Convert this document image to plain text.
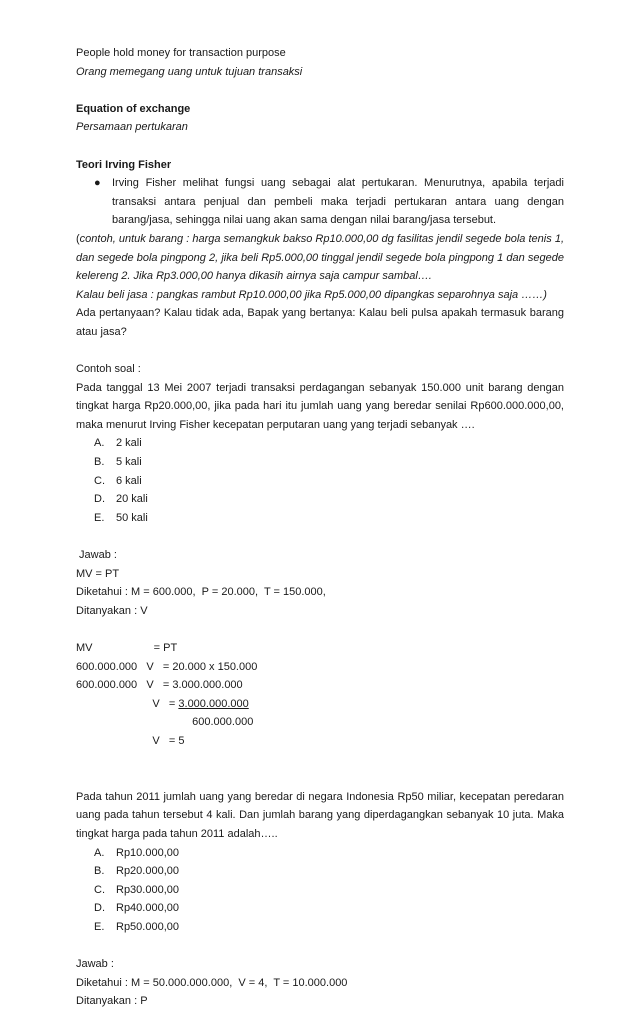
People hold money for transaction purpose
Orang memegang uang untuk tujuan transaksi
Equation of exchange
Persamaan pertukaran
Teori Irving Fisher
●	Irving Fisher melihat fungsi uang sebagai alat pertukaran. Menurutnya, apabila terjadi transaksi antara penjual dan pembeli maka terjadi pertukaran antara uang dengan barang/jasa, sehingga nilai uang akan sama dengan nilai barang/jasa tersebut.
(contoh, untuk barang : harga semangkuk bakso Rp10.000,00 dg fasilitas jendil segede bola tenis 1, dan segede bola pingpong 2, jika beli Rp5.000,00 tinggal jendil segede bola pingpong 1 dan segede kelereng 2. Jika Rp3.000,00 hanya dikasih airnya saja campur sambal….
Kalau beli jasa : pangkas rambut Rp10.000,00 jika Rp5.000,00 dipangkas separohnya saja ……)
Ada pertanyaan? Kalau tidak ada, Bapak yang bertanya: Kalau beli pulsa apakah termasuk barang atau jasa?
Contoh soal :
Pada tanggal 13 Mei 2007 terjadi transaksi perdagangan sebanyak 150.000 unit barang dengan tingkat harga Rp20.000,00, jika pada hari itu jumlah uang yang beredar senilai Rp600.000.000,00, maka menurut Irving Fisher kecepatan perputaran uang yang terjadi sebanyak ….
A. 2 kali
B. 5 kali
C. 6 kali
D. 20 kali
E. 50 kali
Jawab :
MV = PT
Diketahui : M = 600.000,  P = 20.000,  T = 150.000,
Ditanyakan : V
MV                    = PT
600.000.000   V   = 20.000 x 150.000
600.000.000   V   = 3.000.000.000
V   = 3.000.000.000
600.000.000
V   = 5
Pada tahun 2011 jumlah uang yang beredar di negara Indonesia Rp50 miliar, kecepatan peredaran uang pada tahun tersebut 4 kali. Dan jumlah barang yang diperdagangkan sebanyak 10 juta. Maka tingkat harga pada tahun 2011 adalah…..
A. Rp10.000,00
B. Rp20.000,00
C. Rp30.000,00
D. Rp40.000,00
E. Rp50.000,00
Jawab :
Diketahui : M = 50.000.000.000,  V = 4,  T = 10.000.000
Ditanyakan : P
